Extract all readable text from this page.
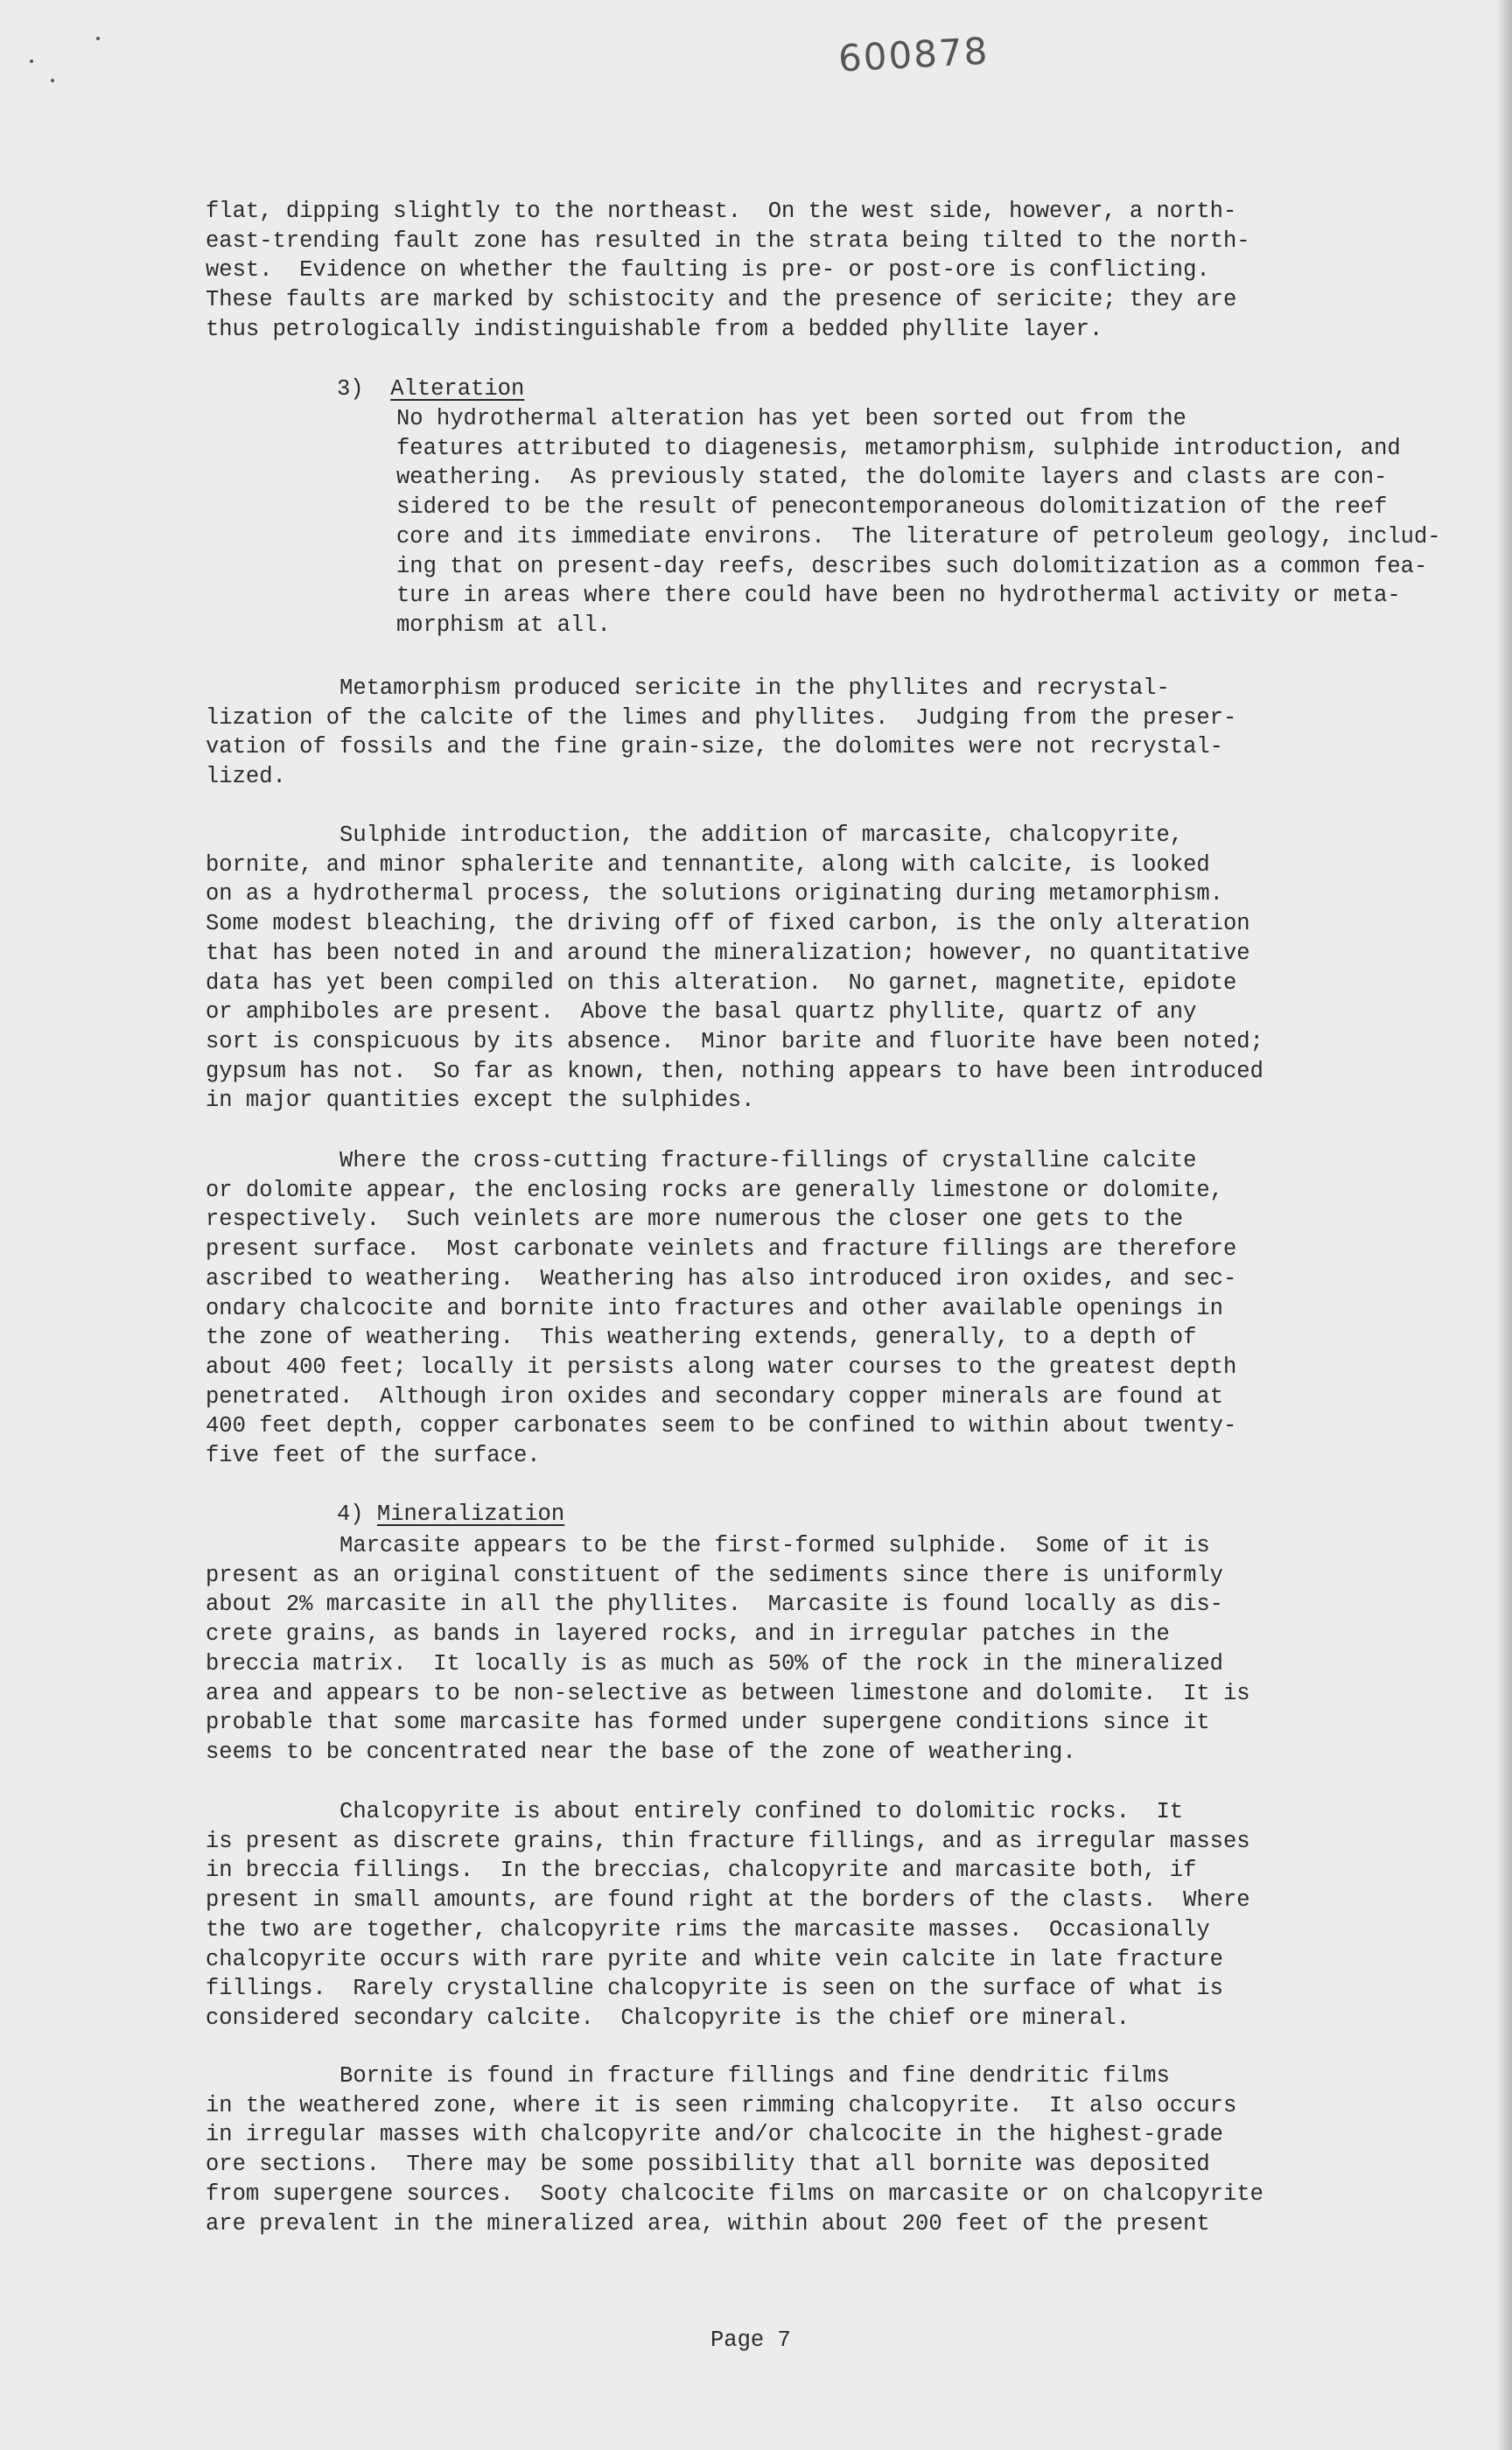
600878

flat, dipping slightly to the northeast.  On the west side, however, a north-
east-trending fault zone has resulted in the strata being tilted to the north-
west.  Evidence on whether the faulting is pre- or post-ore is conflicting.
These faults are marked by schistocity and the presence of sericite; they are
thus petrologically indistinguishable from a bedded phyllite layer.

3) Alteration

No hydrothermal alteration has yet been sorted out from the
features attributed to diagenesis, metamorphism, sulphide introduction, and
weathering.  As previously stated, the dolomite layers and clasts are con-
sidered to be the result of penecontemporaneous dolomitization of the reef
core and its immediate environs.  The literature of petroleum geology, includ-
ing that on present-day reefs, describes such dolomitization as a common fea-
ture in areas where there could have been no hydrothermal activity or meta-
morphism at all.

Metamorphism produced sericite in the phyllites and recrystal-
lization of the calcite of the limes and phyllites.  Judging from the preser-
vation of fossils and the fine grain-size, the dolomites were not recrystal-
lized.

Sulphide introduction, the addition of marcasite, chalcopyrite,
bornite, and minor sphalerite and tennantite, along with calcite, is looked
on as a hydrothermal process, the solutions originating during metamorphism.
Some modest bleaching, the driving off of fixed carbon, is the only alteration
that has been noted in and around the mineralization; however, no quantitative
data has yet been compiled on this alteration.  No garnet, magnetite, epidote
or amphiboles are present.  Above the basal quartz phyllite, quartz of any
sort is conspicuous by its absence.  Minor barite and fluorite have been noted;
gypsum has not.  So far as known, then, nothing appears to have been introduced
in major quantities except the sulphides.

Where the cross-cutting fracture-fillings of crystalline calcite
or dolomite appear, the enclosing rocks are generally limestone or dolomite,
respectively.  Such veinlets are more numerous the closer one gets to the
present surface.  Most carbonate veinlets and fracture fillings are therefore
ascribed to weathering.  Weathering has also introduced iron oxides, and sec-
ondary chalcocite and bornite into fractures and other available openings in
the zone of weathering.  This weathering extends, generally, to a depth of
about 400 feet; locally it persists along water courses to the greatest depth
penetrated.  Although iron oxides and secondary copper minerals are found at
400 feet depth, copper carbonates seem to be confined to within about twenty-
five feet of the surface.

4) Mineralization

Marcasite appears to be the first-formed sulphide.  Some of it is
present as an original constituent of the sediments since there is uniformly
about 2% marcasite in all the phyllites.  Marcasite is found locally as dis-
crete grains, as bands in layered rocks, and in irregular patches in the
breccia matrix.  It locally is as much as 50% of the rock in the mineralized
area and appears to be non-selective as between limestone and dolomite.  It is
probable that some marcasite has formed under supergene conditions since it
seems to be concentrated near the base of the zone of weathering.

Chalcopyrite is about entirely confined to dolomitic rocks.  It
is present as discrete grains, thin fracture fillings, and as irregular masses
in breccia fillings.  In the breccias, chalcopyrite and marcasite both, if
present in small amounts, are found right at the borders of the clasts.  Where
the two are together, chalcopyrite rims the marcasite masses.  Occasionally
chalcopyrite occurs with rare pyrite and white vein calcite in late fracture
fillings.  Rarely crystalline chalcopyrite is seen on the surface of what is
considered secondary calcite.  Chalcopyrite is the chief ore mineral.

Bornite is found in fracture fillings and fine dendritic films
in the weathered zone, where it is seen rimming chalcopyrite.  It also occurs
in irregular masses with chalcopyrite and/or chalcocite in the highest-grade
ore sections.  There may be some possibility that all bornite was deposited
from supergene sources.  Sooty chalcocite films on marcasite or on chalcopyrite
are prevalent in the mineralized area, within about 200 feet of the present

Page 7
